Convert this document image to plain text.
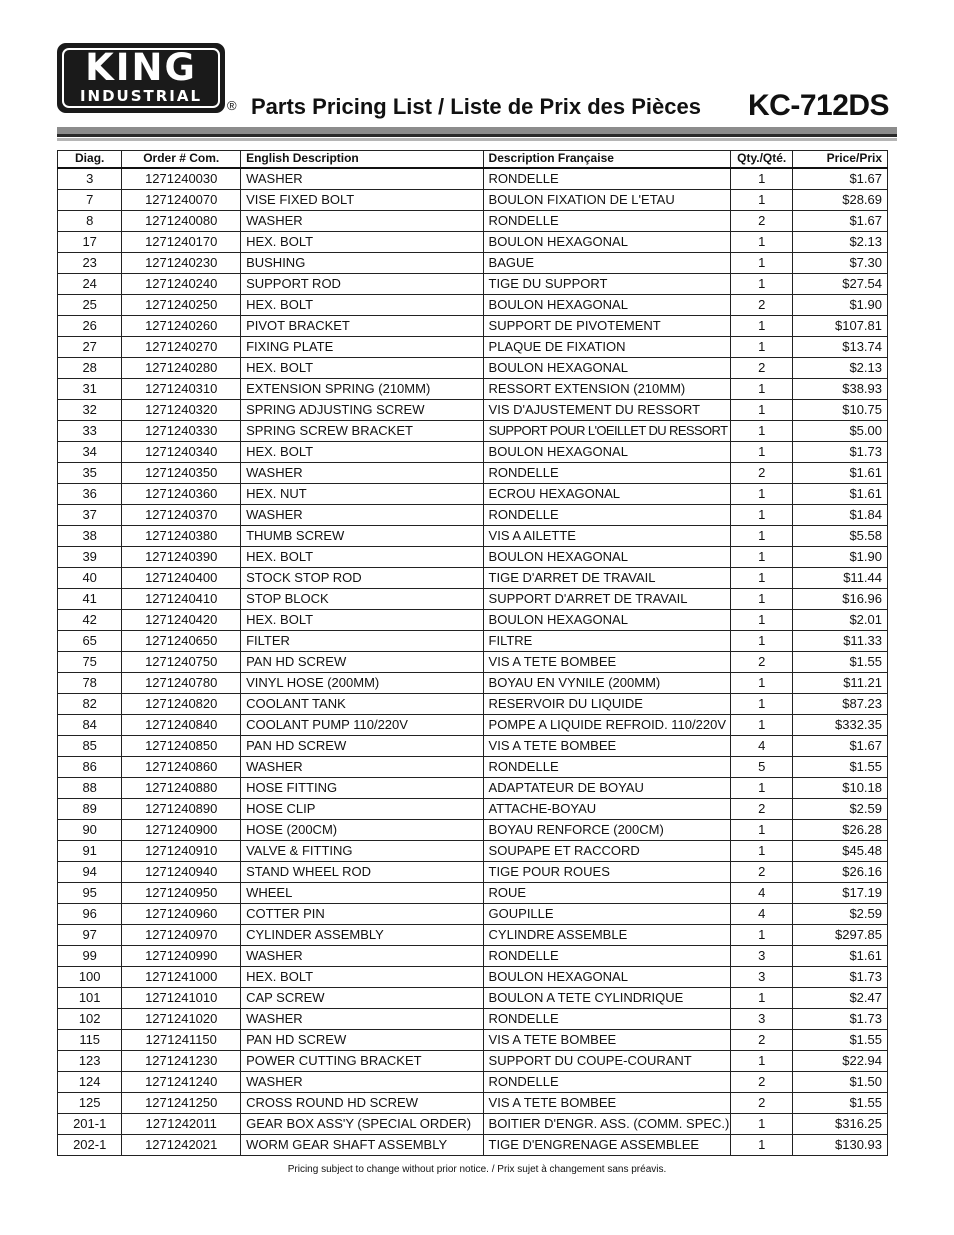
KING
INDUSTRIAL
® Parts Pricing List / Liste de Prix des Pièces KC-712DS
Diag.	Order # Com.	English Description	Description Française	Qty./Qté.	Price/Prix
3	1271240030	WASHER	RONDELLE	1	$1.67
7	1271240070	VISE FIXED BOLT	BOULON FIXATION DE L'ETAU	1	$28.69
8	1271240080	WASHER	RONDELLE	2	$1.67
17	1271240170	HEX. BOLT	BOULON HEXAGONAL	1	$2.13
23	1271240230	BUSHING	BAGUE	1	$7.30
24	1271240240	SUPPORT ROD	TIGE DU SUPPORT	1	$27.54
25	1271240250	HEX. BOLT	BOULON HEXAGONAL	2	$1.90
26	1271240260	PIVOT BRACKET	SUPPORT DE PIVOTEMENT	1	$107.81
27	1271240270	FIXING PLATE	PLAQUE DE FIXATION	1	$13.74
28	1271240280	HEX. BOLT	BOULON HEXAGONAL	2	$2.13
31	1271240310	EXTENSION SPRING (210MM)	RESSORT EXTENSION (210MM)	1	$38.93
32	1271240320	SPRING ADJUSTING SCREW	VIS D'AJUSTEMENT DU RESSORT	1	$10.75
33	1271240330	SPRING SCREW BRACKET	SUPPORT POUR L'OEILLET DU RESSORT	1	$5.00
34	1271240340	HEX. BOLT	BOULON HEXAGONAL	1	$1.73
35	1271240350	WASHER	RONDELLE	2	$1.61
36	1271240360	HEX. NUT	ECROU HEXAGONAL	1	$1.61
37	1271240370	WASHER	RONDELLE	1	$1.84
38	1271240380	THUMB SCREW	VIS A AILETTE	1	$5.58
39	1271240390	HEX. BOLT	BOULON HEXAGONAL	1	$1.90
40	1271240400	STOCK STOP ROD	TIGE D'ARRET DE TRAVAIL	1	$11.44
41	1271240410	STOP BLOCK	SUPPORT D'ARRET DE TRAVAIL	1	$16.96
42	1271240420	HEX. BOLT	BOULON HEXAGONAL	1	$2.01
65	1271240650	FILTER	FILTRE	1	$11.33
75	1271240750	PAN HD SCREW	VIS A TETE BOMBEE	2	$1.55
78	1271240780	VINYL HOSE (200MM)	BOYAU EN VYNILE (200MM)	1	$11.21
82	1271240820	COOLANT TANK	RESERVOIR DU LIQUIDE	1	$87.23
84	1271240840	COOLANT PUMP 110/220V	POMPE A LIQUIDE REFROID. 110/220V	1	$332.35
85	1271240850	PAN HD SCREW	VIS A TETE BOMBEE	4	$1.67
86	1271240860	WASHER	RONDELLE	5	$1.55
88	1271240880	HOSE FITTING	ADAPTATEUR DE BOYAU	1	$10.18
89	1271240890	HOSE CLIP	ATTACHE-BOYAU	2	$2.59
90	1271240900	HOSE (200CM)	BOYAU RENFORCE (200CM)	1	$26.28
91	1271240910	VALVE & FITTING	SOUPAPE ET RACCORD	1	$45.48
94	1271240940	STAND WHEEL ROD	TIGE POUR ROUES	2	$26.16
95	1271240950	WHEEL	ROUE	4	$17.19
96	1271240960	COTTER PIN	GOUPILLE	4	$2.59
97	1271240970	CYLINDER ASSEMBLY	CYLINDRE ASSEMBLE	1	$297.85
99	1271240990	WASHER	RONDELLE	3	$1.61
100	1271241000	HEX. BOLT	BOULON HEXAGONAL	3	$1.73
101	1271241010	CAP SCREW	BOULON A TETE CYLINDRIQUE	1	$2.47
102	1271241020	WASHER	RONDELLE	3	$1.73
115	1271241150	PAN HD SCREW	VIS A TETE BOMBEE	2	$1.55
123	1271241230	POWER CUTTING BRACKET	SUPPORT DU COUPE-COURANT	1	$22.94
124	1271241240	WASHER	RONDELLE	2	$1.50
125	1271241250	CROSS ROUND HD SCREW	VIS A TETE BOMBEE	2	$1.55
201-1	1271242011	GEAR BOX ASS'Y (SPECIAL ORDER)	BOITIER D'ENGR. ASS. (COMM. SPEC.)	1	$316.25
202-1	1271242021	WORM GEAR SHAFT ASSEMBLY	TIGE D'ENGRENAGE ASSEMBLEE	1	$130.93
Pricing subject to change without prior notice. / Prix sujet à changement sans préavis.
